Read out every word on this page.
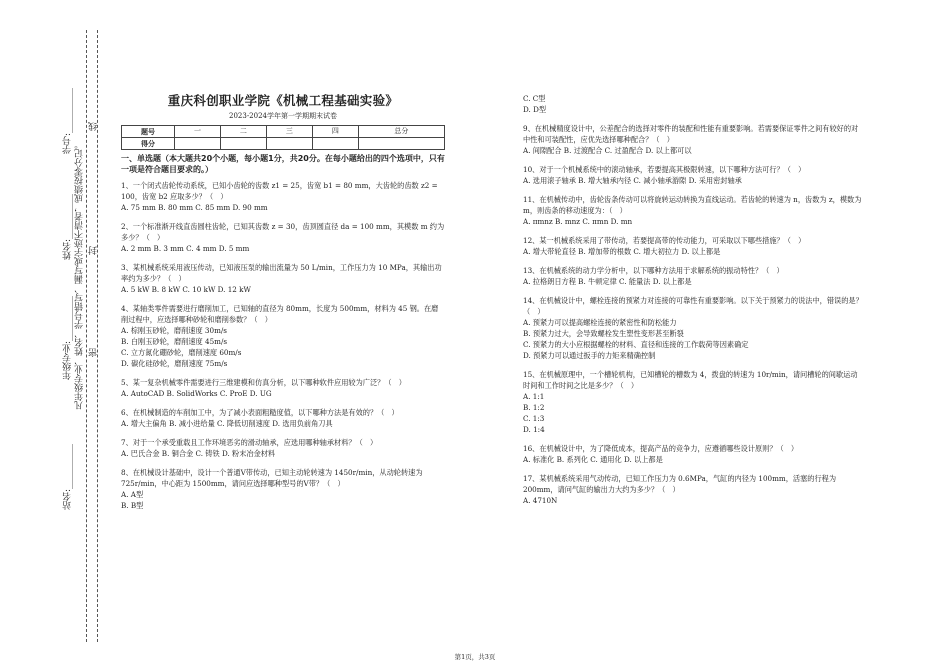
学号:__________
姓名:__________
年级专业:__________
站名:__________
凡年级专业、姓名、学号错写、漏写或字迹不清者，成绩按零分记。
线
封
密
重庆科创职业学院《机械工程基础实验》
2023-2024学年第一学期期末试卷
题号	一	二	三	四	总分
得分					
一、单选题（本大题共20个小题，每小题1分，共20分。在每小题给出的四个选项中，只有一项是符合题目要求的。）

1、一个闭式齿轮传动系统，已知小齿轮的齿数 z1 = 25，齿宽 b1 = 80 mm，大齿轮的齿数 z2 = 100，齿宽 b2 应取多少？（　）

A. 75 mm B. 80 mm C. 85 mm D. 90 mm

2、一个标准渐开线直齿圆柱齿轮，已知其齿数 z = 30，齿顶圆直径 da = 100 mm，其模数 m 约为多少？（　）

A. 2 mm B. 3 mm C. 4 mm D. 5 mm

3、某机械系统采用液压传动，已知液压泵的输出流量为 50 L/min，工作压力为 10 MPa，其输出功率约为多少？（　）

A. 5 kW B. 8 kW C. 10 kW D. 12 kW

4、某轴类零件需要进行磨削加工，已知轴的直径为 80mm，长度为 500mm，材料为 45 钢。在磨削过程中，应选择哪种砂轮和磨削参数？（　）

A. 棕刚玉砂轮，磨削速度 30m/s

B. 白刚玉砂轮，磨削速度 45m/s

C. 立方氮化硼砂轮，磨削速度 60m/s

D. 碳化硅砂轮，磨削速度 75m/s

5、某一复杂机械零件需要进行三维建模和仿真分析，以下哪种软件应用较为广泛？（　）

A. AutoCAD B. SolidWorks C. ProE D. UG

6、在机械制造的车削加工中，为了减小表面粗糙度值，以下哪种方法是有效的？（　）

A. 增大主偏角 B. 减小进给量 C. 降低切削速度 D. 选用负前角刀具

7、对于一个承受重载且工作环境恶劣的滑动轴承，应选用哪种轴承材料？（　）

A. 巴氏合金 B. 铜合金 C. 铸铁 D. 粉末冶金材料

8、在机械设计基础中，设计一个普通V带传动，已知主动轮转速为 1450r/min，从动轮转速为 725r/min，中心距为 1500mm，请问应选择哪种型号的V带？（　）

A. A型

B. B型

C. C型

D. D型

9、在机械精度设计中，公差配合的选择对零件的装配和性能有重要影响。若需要保证零件之间有较好的对中性和可装配性，应优先选择哪种配合？（　）

A. 间隙配合 B. 过渡配合 C. 过盈配合 D. 以上都可以

10、对于一个机械系统中的滚动轴承，若要提高其极限转速，以下哪种方法可行？（　）

A. 选用滚子轴承 B. 增大轴承内径 C. 减小轴承游隙 D. 采用密封轴承

11、在机械传动中，齿轮齿条传动可以将旋转运动转换为直线运动。若齿轮的转速为 n，齿数为 z，模数为 m，则齿条的移动速度为：（　）

A. πmnz B. mnz C. πmn D. mn

12、某一机械系统采用了带传动，若要提高带的传动能力，可采取以下哪些措施？（　）

A. 增大带轮直径 B. 增加带的根数 C. 增大初拉力 D. 以上都是

13、在机械系统的动力学分析中，以下哪种方法用于求解系统的振动特性？（　）

A. 拉格朗日方程 B. 牛顿定律 C. 能量法 D. 以上都是

14、在机械设计中，螺栓连接的预紧力对连接的可靠性有重要影响。以下关于预紧力的说法中，错误的是？（　）

A. 预紧力可以提高螺栓连接的紧密性和防松能力

B. 预紧力过大，会导致螺栓发生塑性变形甚至断裂

C. 预紧力的大小应根据螺栓的材料、直径和连接的工作载荷等因素确定

D. 预紧力可以通过扳手的力矩来精确控制

15、在机械原理中，一个槽轮机构，已知槽轮的槽数为 4，拨盘的转速为 10r/min，请问槽轮的间歇运动时间和工作时间之比是多少？（　）

A. 1:1

B. 1:2

C. 1:3

D. 1:4

16、在机械设计中，为了降低成本，提高产品的竞争力，应遵循哪些设计原则？（　）

A. 标准化 B. 系列化 C. 通用化 D. 以上都是

17、某机械系统采用气动传动，已知工作压力为 0.6MPa，气缸的内径为 100mm，活塞的行程为 200mm，请问气缸的输出力大约为多少？（　）

A. 4710N

第1页，共3页
